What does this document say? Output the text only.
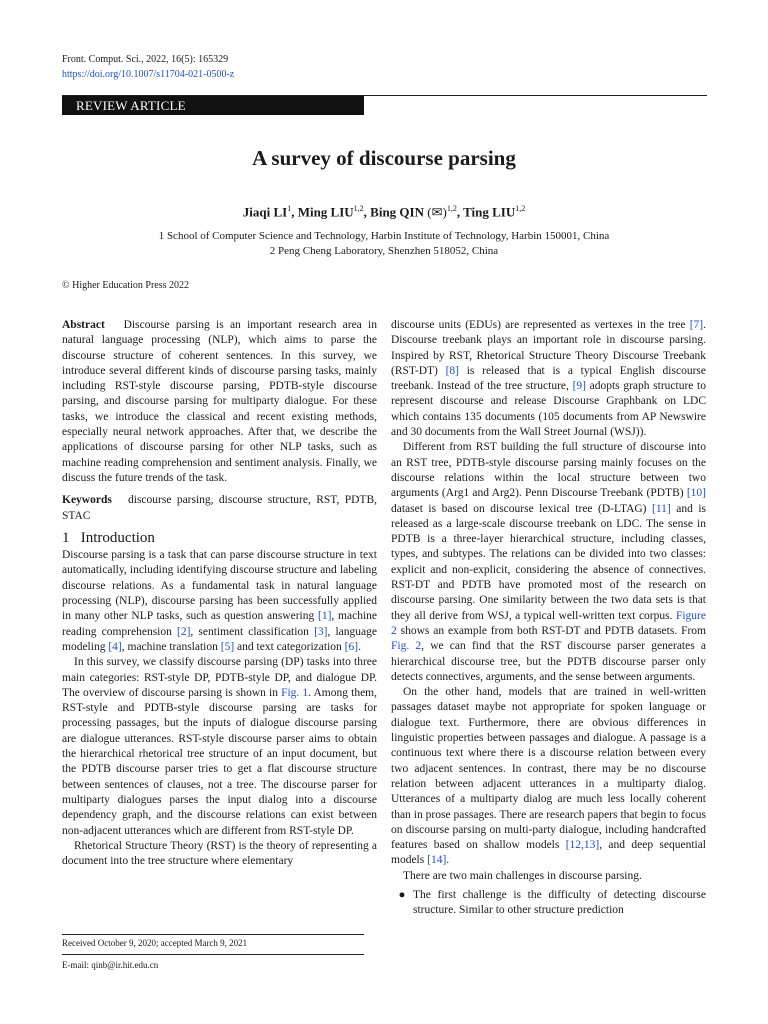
Front. Comput. Sci., 2022, 16(5): 165329
https://doi.org/10.1007/s11704-021-0500-z
REVIEW ARTICLE
A survey of discourse parsing
Jiaqi $LI^1$, Ming LIU$^{1,2}$, Bing QIN (✉)$^{1,2}$, Ting LIU$^{1,2}$
1 School of Computer Science and Technology, Harbin Institute of Technology, Harbin 150001, China
2 Peng Cheng Laboratory, Shenzhen 518052, China
© Higher Education Press 2022

Abstract Discourse parsing is an important research area in natural language processing (NLP), which aims to parse the discourse structure of coherent sentences. In this survey, we introduce several different kinds of discourse parsing tasks, mainly including RST-style discourse parsing, PDTB-style discourse parsing, and discourse parsing for multiparty dialogue. For these tasks, we introduce the classical and recent existing methods, especially neural network approaches. After that, we describe the applications of discourse parsing for other NLP tasks, such as machine reading comprehension and sentiment analysis. Finally, we discuss the future trends of the task.

Keywords discourse parsing, discourse structure, RST, PDTB, STAC

1 Introduction

Discourse parsing is a task that can parse discourse structure in text automatically, including identifying discourse structure and labeling discourse relations. As a fundamental task in natural language processing (NLP), discourse parsing has been successfully applied in many other NLP tasks, such as question answering [1], machine reading comprehension [2], sentiment classification [3], language modeling [4], machine translation [5] and text categorization [6].

In this survey, we classify discourse parsing (DP) tasks into three main categories: RST-style DP, PDTB-style DP, and dialogue DP. The overview of discourse parsing is shown in Fig. 1. Among them, RST-style and PDTB-style discourse parsing are tasks for processing passages, but the inputs of dialogue discourse parsing are dialogue utterances. RST-style discourse parser aims to obtain the hierarchical rhetorical tree structure of an input document, but the PDTB discourse parser tries to get a flat discourse structure between sentences of clauses, not a tree. The discourse parser for multiparty dialogues parses the input dialog into a discourse dependency graph, and the discourse relations can exist between non-adjacent utterances which are different from RST-style DP.

Rhetorical Structure Theory (RST) is the theory of representing a document into the tree structure where elementary

discourse units (EDUs) are represented as vertexes in the tree [7]. Discourse treebank plays an important role in discourse parsing. Inspired by RST, Rhetorical Structure Theory Discourse Treebank (RST-DT) [8] is released that is a typical English discourse treebank. Instead of the tree structure, [9] adopts graph structure to represent discourse and release Discourse Graphbank on LDC which contains 135 documents (105 documents from AP Newswire and 30 documents from the Wall Street Journal (WSJ)).

Different from RST building the full structure of discourse into an RST tree, PDTB-style discourse parsing mainly focuses on the discourse relations within the local structure between two arguments (Arg1 and Arg2). Penn Discourse Treebank (PDTB) [10] dataset is based on discourse lexical tree (D-LTAG) [11] and is released as a large-scale discourse treebank on LDC. The sense in PDTB is a three-layer hierarchical structure, including classes, types, and subtypes. The relations can be divided into two classes: explicit and non-explicit, considering the absence of connectives. RST-DT and PDTB have promoted most of the research on discourse parsing. One similarity between the two data sets is that they all derive from WSJ, a typical well-written text corpus. Figure 2 shows an example from both RST-DT and PDTB datasets. From Fig. 2, we can find that the RST discourse parser generates a hierarchical discourse tree, but the PDTB discourse parser only detects connectives, arguments, and the sense between arguments.

On the other hand, models that are trained in well-written passages dataset maybe not appropriate for spoken language or dialogue text. Furthermore, there are obvious differences in linguistic properties between passages and dialogue. A passage is a continuous text where there is a discourse relation between every two adjacent sentences. In contrast, there may be no discourse relation between adjacent utterances in a multiparty dialog. Utterances of a multiparty dialog are much less locally coherent than in prose passages. There are research papers that begin to focus on discourse parsing on multi-party dialogue, including handcrafted features based on shallow models [12,13], and deep sequential models [14].

There are two main challenges in discourse parsing.

● The first challenge is the difficulty of detecting discourse structure. Similar to other structure prediction
Received October 9, 2020; accepted March 9, 2021
E-mail: qinb@ir.hit.edu.cn
